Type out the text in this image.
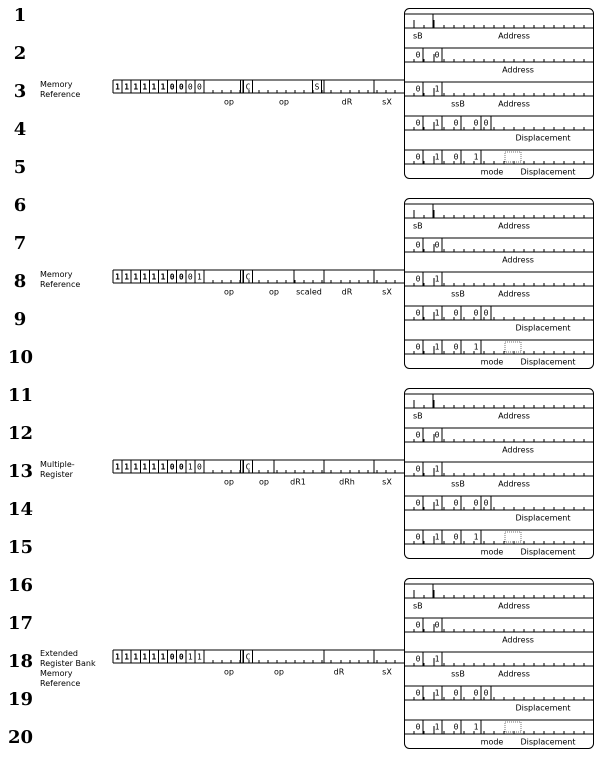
1 1 1 1 1 1 0 0 0 0	C	S
op	op	dR	sX
sB	Address
0 0
Address
0 1
ssB	Address
0 1 0 0 0
Displacement
0 1 0 1
mode Displacement
1 1 1 1 1 1 0 0 0 1	C
op	op scaled dR	sX
sB	Address
0 0
Address
0 1
ssB	Address
0 1 0 0 0
Displacement
0 1 0 1
mode Displacement
1 1 1 1 1 1 0 0 1 0	C
op	op	dR1	dRh	sX
sB	Address
0 0
Address
0 1
ssB	Address
0 1 0 0 0
Displacement
0 1 0 1
mode Displacement
1 1 1 1 1 1 0 0 1 1	C
op	op	dR	sX
sB	Address
0 0
Address
0 1
ssB	Address
0 1 0 0 0
Displacement
0 1 0 1
mode Displacement
1
2
3
4
5
6
7
8
9
10
11
12
13
14
15
16
17
18
19
20
Memory
Reference
Memory
Reference
Multiple-
Register
Extended
Register Bank
Memory
Reference
